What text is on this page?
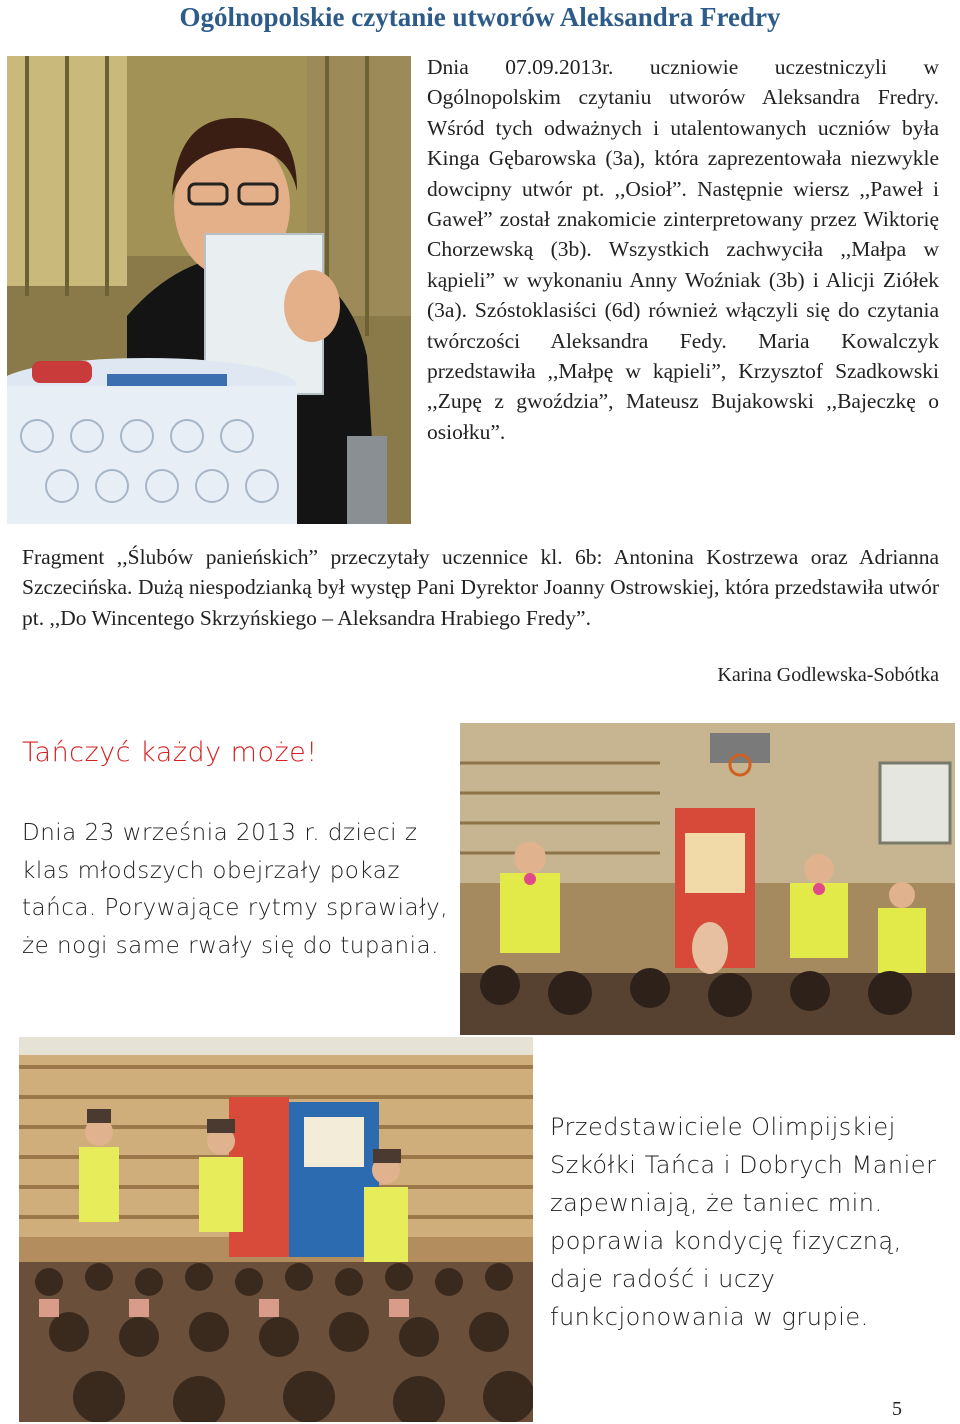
Ogólnopolskie czytanie utworów Aleksandra Fredry
Dnia 07.09.2013r. uczniowie uczestniczyli w Ogólnopolskim czytaniu utworów Aleksandra Fredry. Wśród tych odważnych i utalentowanych uczniów była Kinga Gębarowska (3a), która zaprezentowała niezwykle dowcipny utwór pt. ,,Osioł”. Następnie wiersz ,,Paweł i Gaweł” został znakomicie zinterpretowany przez Wiktorię Chorzewską (3b). Wszystkich zachwyciła ,,Małpa w kąpieli” w wykonaniu Anny Woźniak (3b) i Alicji Ziółek (3a). Szóstoklasiści (6d) również włączyli się do czytania twórczości Aleksandra Fedy. Maria Kowalczyk przedstawiła ,,Małpę w kąpieli”, Krzysztof Szadkowski ,,Zupę z gwoździa”, Mateusz Bujakowski ,,Bajeczkę o osiołku”.
Fragment ,,Ślubów panieńskich” przeczytały uczennice kl. 6b: Antonina Kostrzewa oraz Adrianna Szczecińska. Dużą niespodzianką był występ Pani Dyrektor Joanny Ostrowskiej, która przedstawiła utwór pt. ,,Do Wincentego Skrzyńskiego – Aleksandra Hrabiego Fredy”.
Karina Godlewska-Sobótka
Tańczyć każdy może!
Dnia 23 września 2013 r. dzieci z klas młodszych obejrzały pokaz tańca. Porywające rytmy sprawiały, że nogi same rwały się do tupania.
Przedstawiciele Olimpijskiej Szkółki Tańca i Dobrych Manier zapewniają, że taniec min. poprawia kondycję fizyczną, daje radość i uczy funkcjonowania w grupie.
5
